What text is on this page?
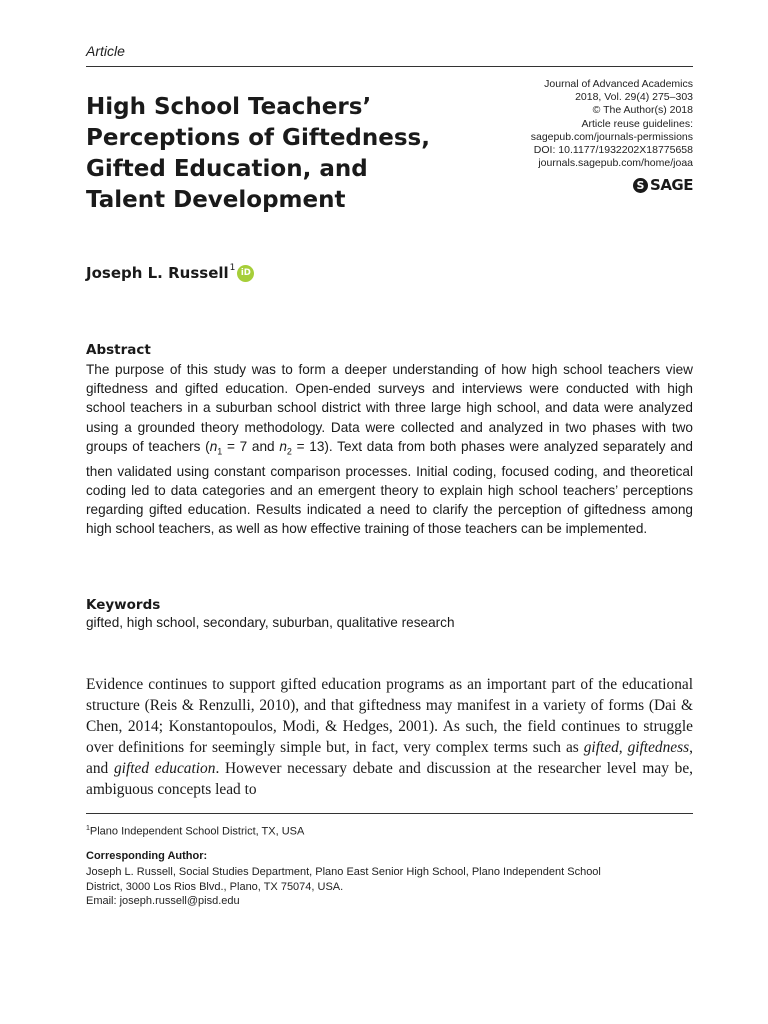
Article
High School Teachers’
Perceptions of Giftedness,
Gifted Education, and
Talent Development
Journal of Advanced Academics
2018, Vol. 29(4) 275–303
© The Author(s) 2018
Article reuse guidelines:
sagepub.com/journals-permissions
DOI: 10.1177/1932202X18775658
journals.sagepub.com/home/joaa
S SAGE
Joseph L. Russell$^1$ iD
Abstract

The purpose of this study was to form a deeper understanding of how high school teachers view giftedness and gifted education. Open-ended surveys and interviews were conducted with high school teachers in a suburban school district with three large high school, and data were analyzed using a grounded theory methodology. Data were collected and analyzed in two phases with two groups of teachers ($n_1 = 7$ and $n_2 = 13$). Text data from both phases were analyzed separately and then validated using constant comparison processes. Initial coding, focused coding, and theoretical coding led to data categories and an emergent theory to explain high school teachers’ perceptions regarding gifted education. Results indicated a need to clarify the perception of giftedness among high school teachers, as well as how effective training of those teachers can be implemented.

Keywords
gifted, high school, secondary, suburban, qualitative research

Evidence continues to support gifted education programs as an important part of the educational structure (Reis & Renzulli, 2010), and that giftedness may manifest in a variety of forms (Dai & Chen, 2014; Konstantopoulos, Modi, & Hedges, 2001). As such, the field continues to struggle over definitions for seemingly simple but, in fact, very complex terms such as gifted, giftedness, and gifted education. However necessary debate and discussion at the researcher level may be, ambiguous concepts lead to

$^1$Plano Independent School District, TX, USA
Corresponding Author:
Joseph L. Russell, Social Studies Department, Plano East Senior High School, Plano Independent School
District, 3000 Los Rios Blvd., Plano, TX 75074, USA.
Email: joseph.russell@pisd.edu
